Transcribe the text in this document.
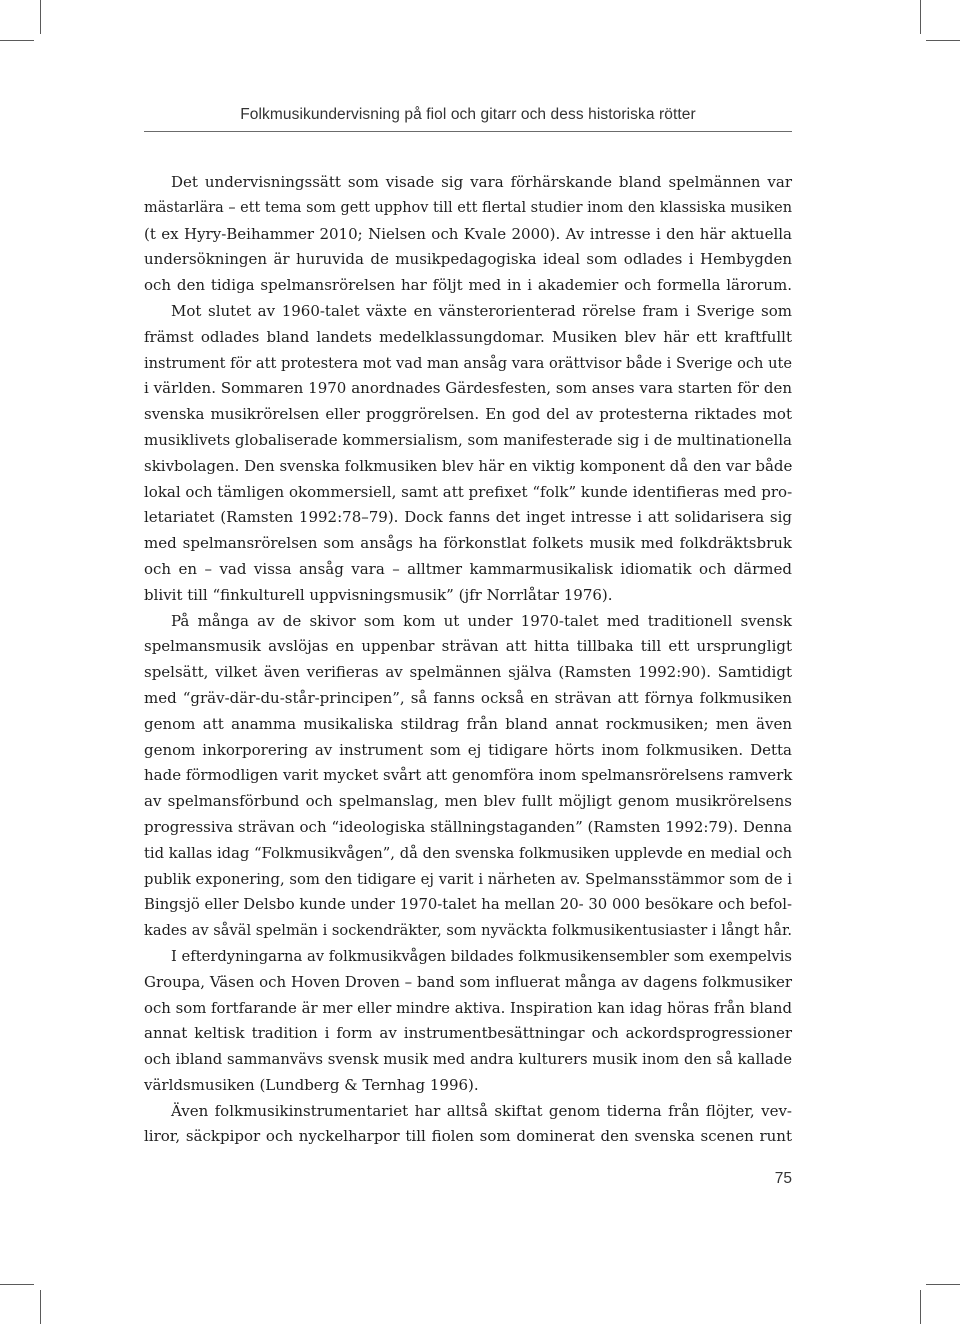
Folkmusikundervisning på fiol och gitarr och dess historiska rötter

Det undervisningssätt som visade sig vara förhärskande bland spelmännen var
mästarlära – ett tema som gett upphov till ett flertal studier inom den klassiska musiken
(t ex Hyry-Beihammer 2010; Nielsen och Kvale 2000). Av intresse i den här aktuella
undersökningen är huruvida de musikpedagogiska ideal som odlades i Hembygden
och den tidiga spelmansrörelsen har följt med in i akademier och formella lärorum.
Mot slutet av 1960-talet växte en vänsterorienterad rörelse fram i Sverige som
främst odlades bland landets medelklassungdomar. Musiken blev här ett kraftfullt
instrument för att protestera mot vad man ansåg vara orättvisor både i Sverige och ute
i världen. Sommaren 1970 anordnades Gärdesfesten, som anses vara starten för den
svenska musikrörelsen eller proggrörelsen. En god del av protesterna riktades mot
musiklivets globaliserade kommersialism, som manifesterade sig i de multinationella
skivbolagen. Den svenska folkmusiken blev här en viktig komponent då den var både
lokal och tämligen okommersiell, samt att prefixet “folk” kunde identifieras med pro-
letariatet (Ramsten 1992:78–79). Dock fanns det inget intresse i att solidarisera sig
med spelmansrörelsen som ansågs ha förkonstlat folkets musik med folkdräktsbruk
och en – vad vissa ansåg vara – alltmer kammarmusikalisk idiomatik och därmed
blivit till “finkulturell uppvisningsmusik” (jfr Norrlåtar 1976).

På många av de skivor som kom ut under 1970-talet med traditionell svensk
spelmansmusik avslöjas en uppenbar strävan att hitta tillbaka till ett ursprungligt
spelsätt, vilket även verifieras av spelmännen själva (Ramsten 1992:90). Samtidigt
med “gräv-där-du-står-principen”, så fanns också en strävan att förnya folkmusiken
genom att anamma musikaliska stildrag från bland annat rockmusiken; men även
genom inkorporering av instrument som ej tidigare hörts inom folkmusiken. Detta
hade förmodligen varit mycket svårt att genomföra inom spelmansrörelsens ramverk
av spelmansförbund och spelmanslag, men blev fullt möjligt genom musikrörelsens
progressiva strävan och “ideologiska ställningstaganden” (Ramsten 1992:79). Denna
tid kallas idag “Folkmusikvågen”, då den svenska folkmusiken upplevde en medial och
publik exponering, som den tidigare ej varit i närheten av. Spelmansstämmor som de i
Bingsjö eller Delsbo kunde under 1970-talet ha mellan 20- 30 000 besökare och befol-
kades av såväl spelmän i sockendräkter, som nyväckta folkmusikentusiaster i långt hår.

I efterdyningarna av folkmusikvågen bildades folkmusikensembler som exempelvis
Groupa, Väsen och Hoven Droven – band som influerat många av dagens folkmusiker
och som fortfarande är mer eller mindre aktiva. Inspiration kan idag höras från bland
annat keltisk tradition i form av instrumentbesättningar och ackordsprogressioner
och ibland sammanvävs svensk musik med andra kulturers musik inom den så kallade
världsmusiken (Lundberg & Ternhag 1996).

Även folkmusikinstrumentariet har alltså skiftat genom tiderna från flöjter, vev-
liror, säckpipor och nyckelharpor till fiolen som dominerat den svenska scenen runt

75
